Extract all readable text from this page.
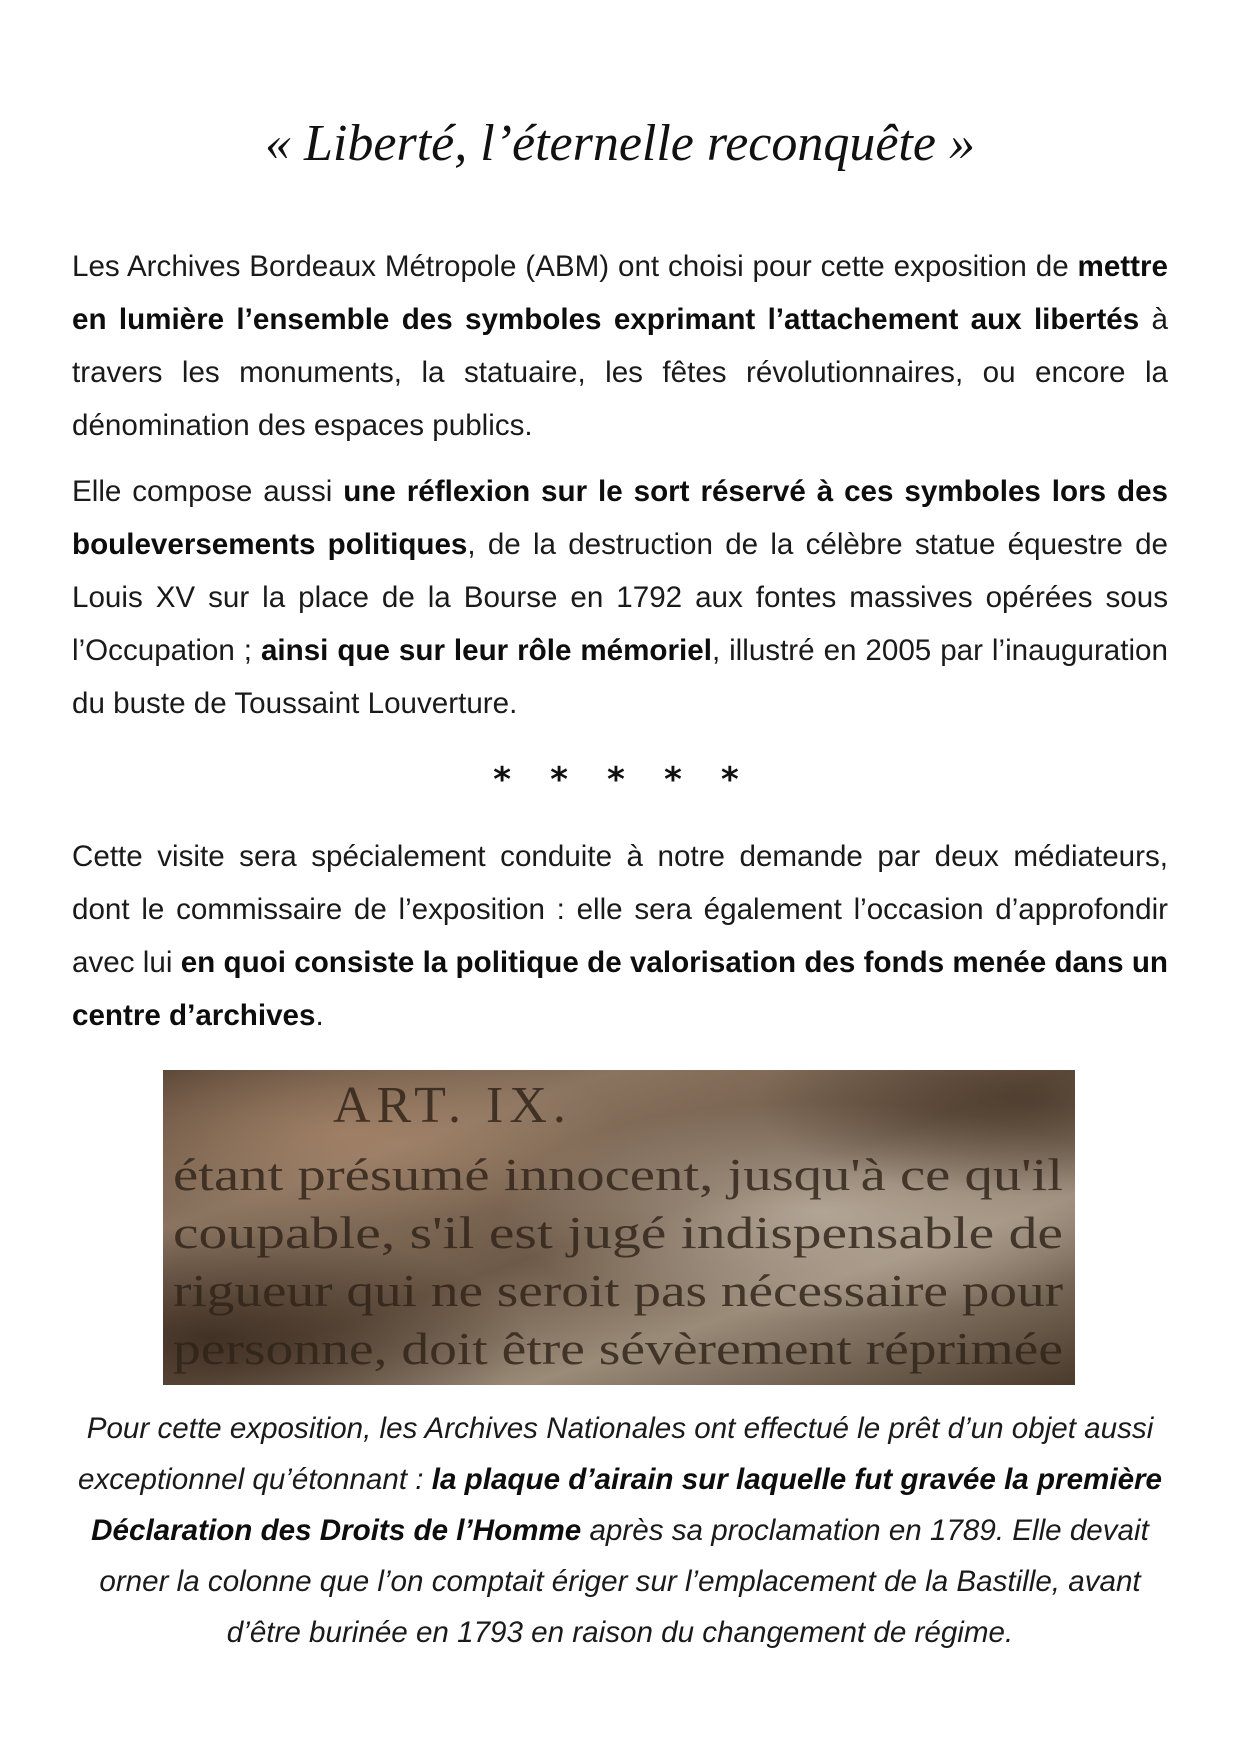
« Liberté, l’éternelle reconquête »

Les Archives Bordeaux Métropole (ABM) ont choisi pour cette exposition de mettre en lumière l’ensemble des symboles exprimant l’attachement aux libertés à travers les monuments, la statuaire, les fêtes révolutionnaires, ou encore la dénomination des espaces publics.

Elle compose aussi une réflexion sur le sort réservé à ces symboles lors des bouleversements politiques, de la destruction de la célèbre statue équestre de Louis XV sur la place de la Bourse en 1792 aux fontes massives opérées sous l’Occupation ; ainsi que sur leur rôle mémoriel, illustré en 2005 par l’inauguration du buste de Toussaint Louverture.

* * * * *

Cette visite sera spécialement conduite à notre demande par deux médiateurs, dont le commissaire de l’exposition : elle sera également l’occasion d’approfondir avec lui en quoi consiste la politique de valorisation des fonds menée dans un centre d’archives.

ART. IX.
étant présumé innocent, jusqu'à ce qu'il
coupable, s'il est jugé indispensable de
rigueur qui ne seroit pas nécessaire pour
personne, doit être sévèrement réprimée

Pour cette exposition, les Archives Nationales ont effectué le prêt d’un objet aussi exceptionnel qu’étonnant : la plaque d’airain sur laquelle fut gravée la première Déclaration des Droits de l’Homme après sa proclamation en 1789. Elle devait orner la colonne que l’on comptait ériger sur l’emplacement de la Bastille, avant d’être burinée en 1793 en raison du changement de régime.
